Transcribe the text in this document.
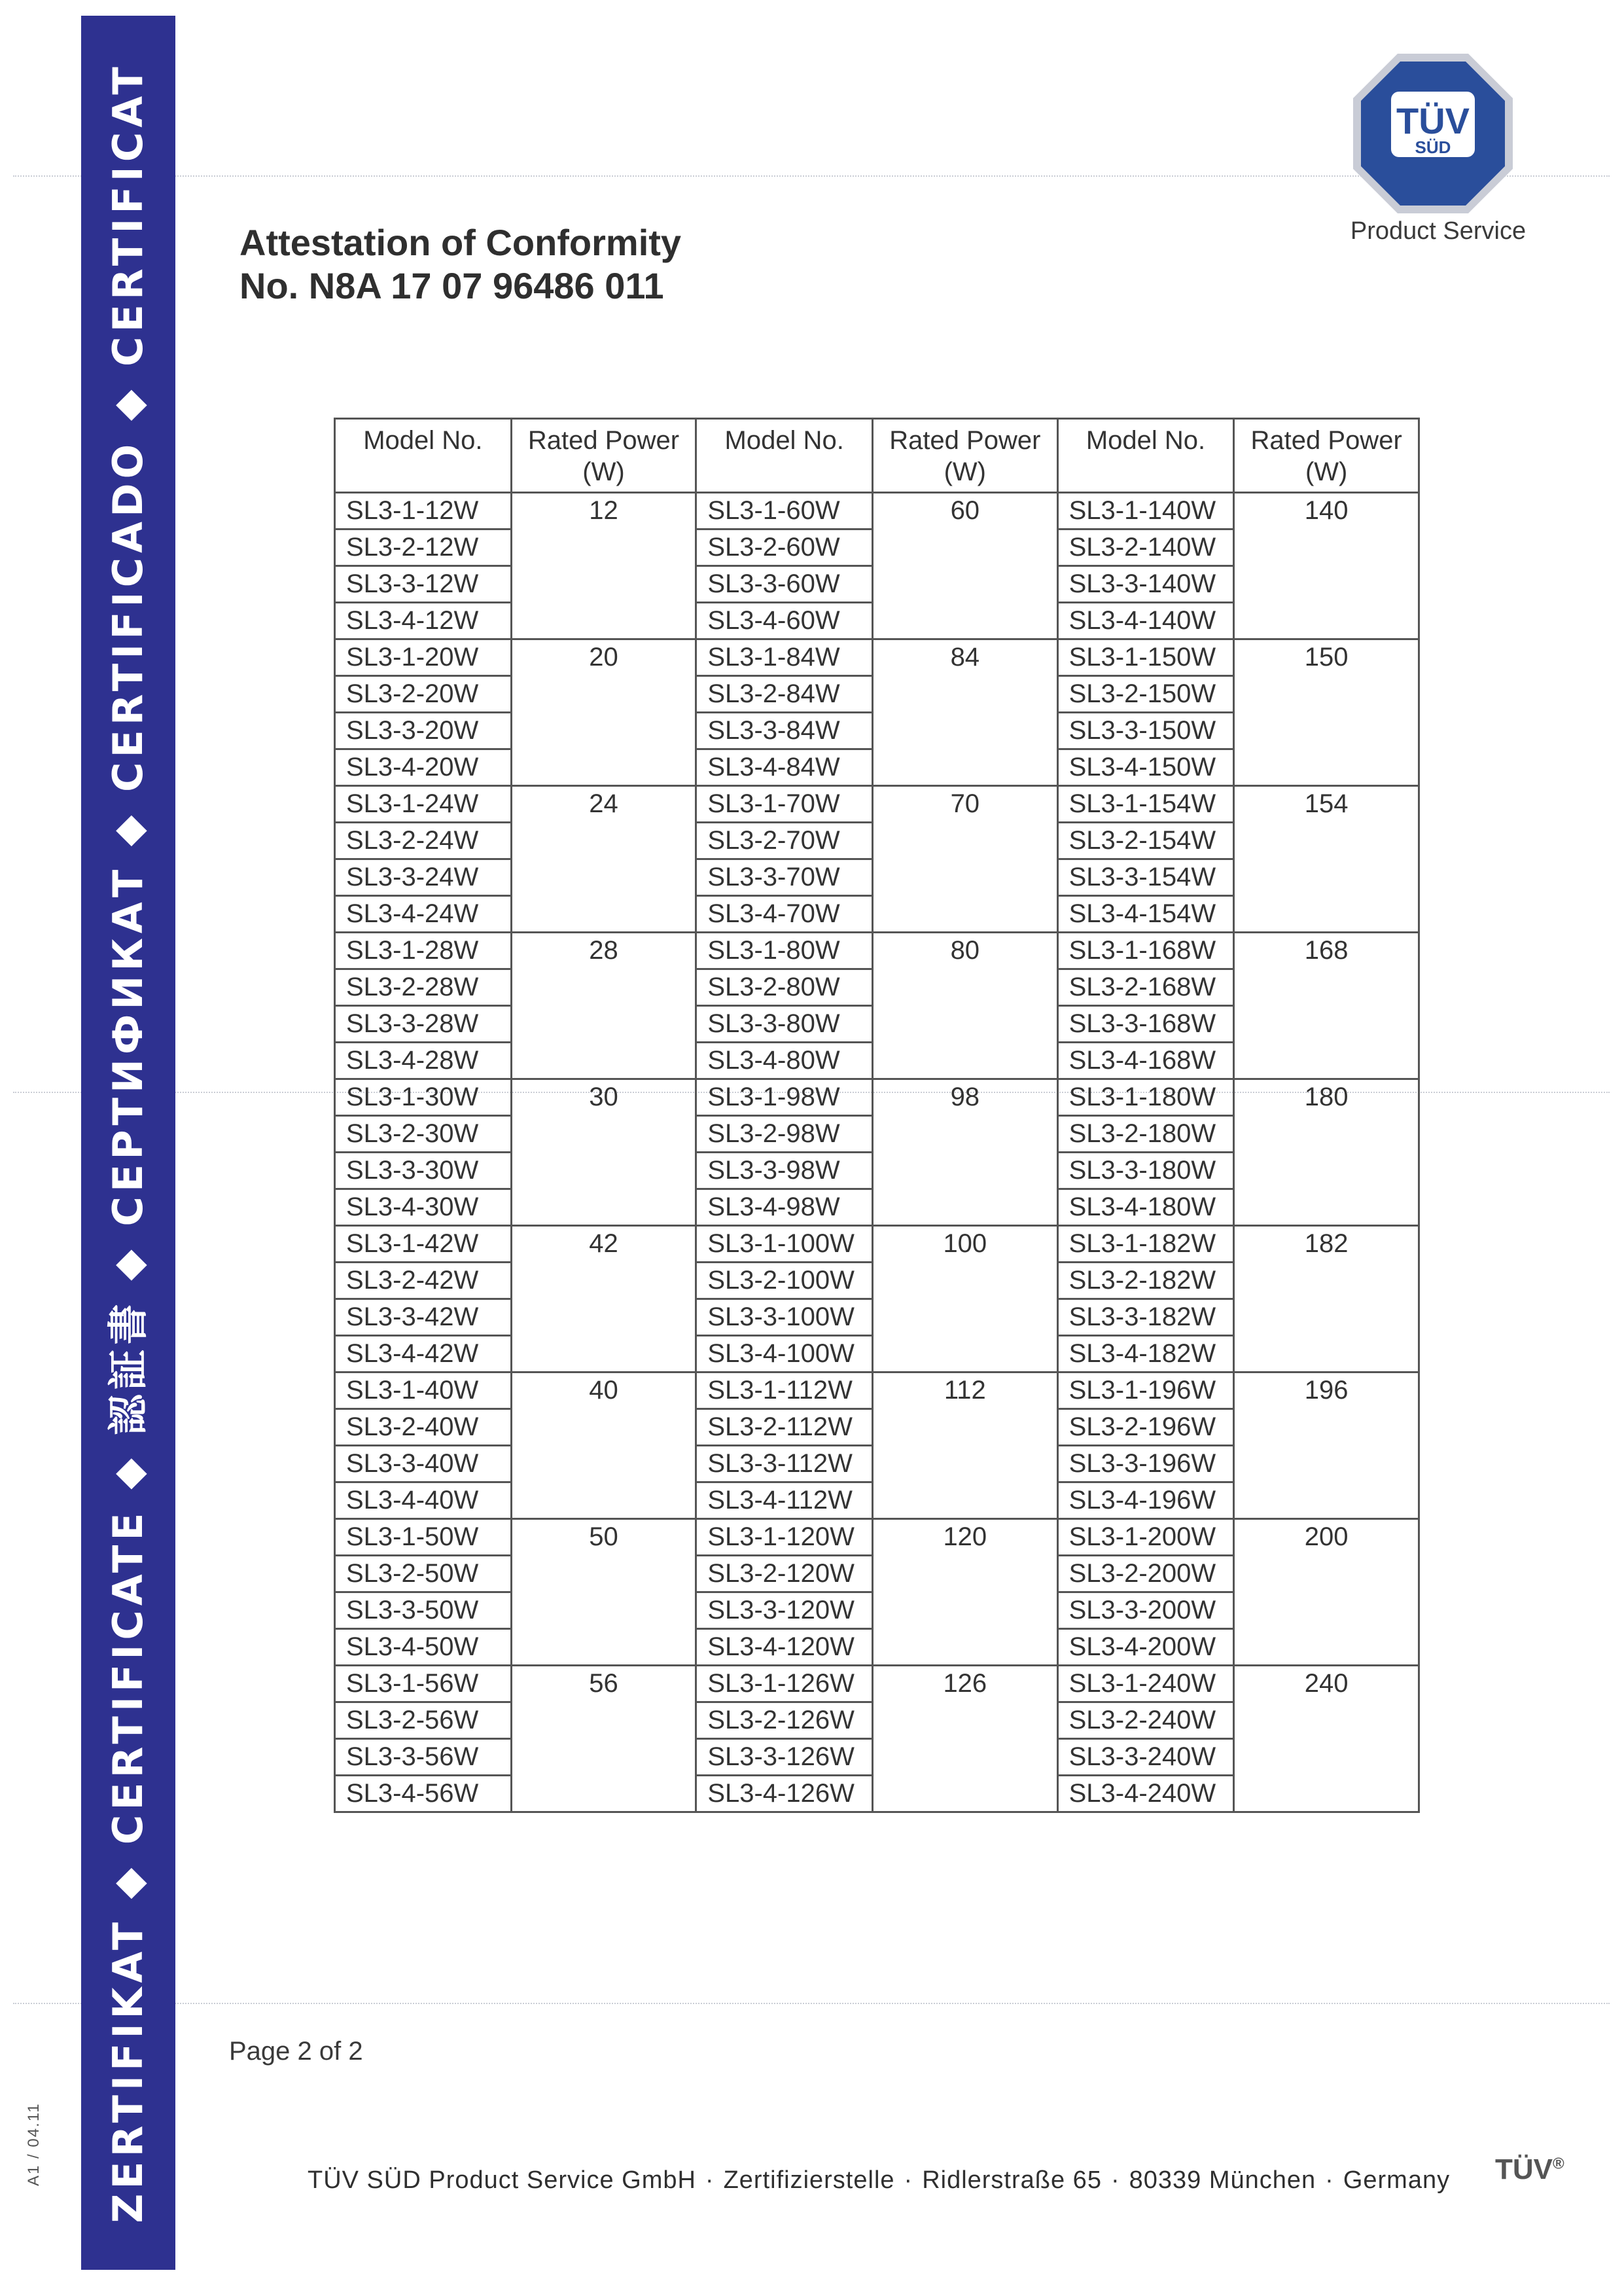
ZERTIFIKAT ◆ CERTIFICATE ◆ 認証書 ◆ СЕРТИФИКАТ ◆ CERTIFICADO ◆ CERTIFICAT
A1 / 04.11
Attestation of Conformity
No. N8A 17 07 96486 011
TÜV
SÜD
Product Service
Model No.	Rated Power (W)	Model No.	Rated Power (W)	Model No.	Rated Power (W)
SL3-1-12W	12	SL3-1-60W	60	SL3-1-140W	140
SL3-2-12W		SL3-2-60W		SL3-2-140W	
SL3-3-12W		SL3-3-60W		SL3-3-140W	
SL3-4-12W		SL3-4-60W		SL3-4-140W	
SL3-1-20W	20	SL3-1-84W	84	SL3-1-150W	150
SL3-2-20W		SL3-2-84W		SL3-2-150W	
SL3-3-20W		SL3-3-84W		SL3-3-150W	
SL3-4-20W		SL3-4-84W		SL3-4-150W	
SL3-1-24W	24	SL3-1-70W	70	SL3-1-154W	154
SL3-2-24W		SL3-2-70W		SL3-2-154W	
SL3-3-24W		SL3-3-70W		SL3-3-154W	
SL3-4-24W		SL3-4-70W		SL3-4-154W	
SL3-1-28W	28	SL3-1-80W	80	SL3-1-168W	168
SL3-2-28W		SL3-2-80W		SL3-2-168W	
SL3-3-28W		SL3-3-80W		SL3-3-168W	
SL3-4-28W		SL3-4-80W		SL3-4-168W	
SL3-1-30W	30	SL3-1-98W	98	SL3-1-180W	180
SL3-2-30W		SL3-2-98W		SL3-2-180W	
SL3-3-30W		SL3-3-98W		SL3-3-180W	
SL3-4-30W		SL3-4-98W		SL3-4-180W	
SL3-1-42W	42	SL3-1-100W	100	SL3-1-182W	182
SL3-2-42W		SL3-2-100W		SL3-2-182W	
SL3-3-42W		SL3-3-100W		SL3-3-182W	
SL3-4-42W		SL3-4-100W		SL3-4-182W	
SL3-1-40W	40	SL3-1-112W	112	SL3-1-196W	196
SL3-2-40W		SL3-2-112W		SL3-2-196W	
SL3-3-40W		SL3-3-112W		SL3-3-196W	
SL3-4-40W		SL3-4-112W		SL3-4-196W	
SL3-1-50W	50	SL3-1-120W	120	SL3-1-200W	200
SL3-2-50W		SL3-2-120W		SL3-2-200W	
SL3-3-50W		SL3-3-120W		SL3-3-200W	
SL3-4-50W		SL3-4-120W		SL3-4-200W	
SL3-1-56W	56	SL3-1-126W	126	SL3-1-240W	240
SL3-2-56W		SL3-2-126W		SL3-2-240W	
SL3-3-56W		SL3-3-126W		SL3-3-240W	
SL3-4-56W		SL3-4-126W		SL3-4-240W	
Page 2 of 2
TÜV SÜD Product Service GmbH · Zertifizierstelle · Ridlerstraße 65 · 80339 München · Germany TÜV®
